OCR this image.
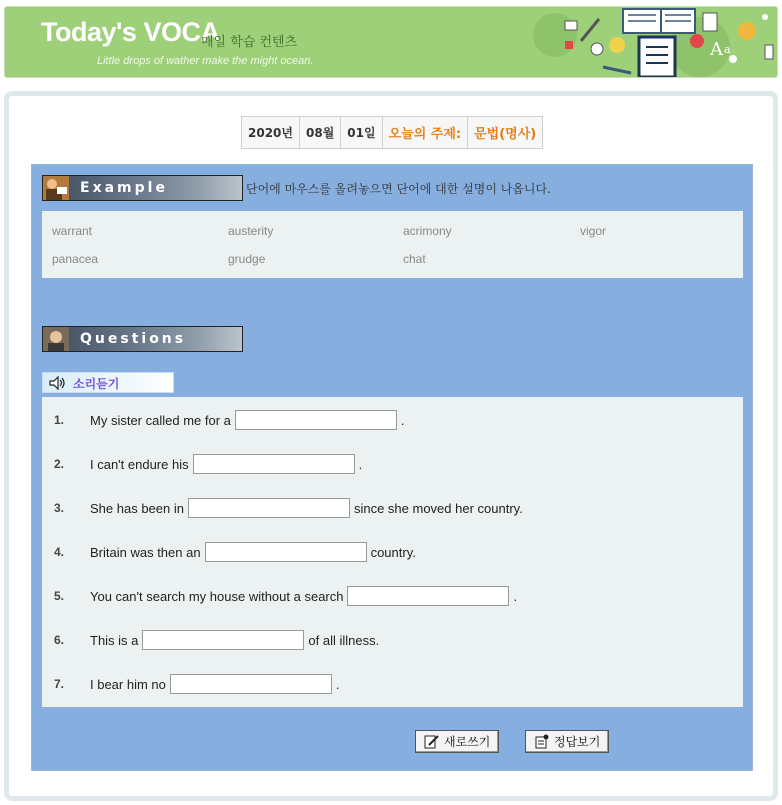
Today's VOCA
매일 학습 컨텐츠
Little drops of wather make the might ocean.
A a
2020년	08월	01일	오늘의 주제:	문법(명사)
Example	단어에 마우스를 올려놓으면 단어에 대한 설명이 나옵니다.
warrant	austerity	acrimony	vigor
panacea	grudge	chat
Questions
소리듣기
1.	My sister called me for a	.
2.	I can't endure his	.
3.	She has been in	since she moved her country.
4.	Britain was then an	country.
5.	You can't search my house without a search	.
6.	This is a	of all illness.
7.	I bear him no	.
새로쓰기	정답보기
